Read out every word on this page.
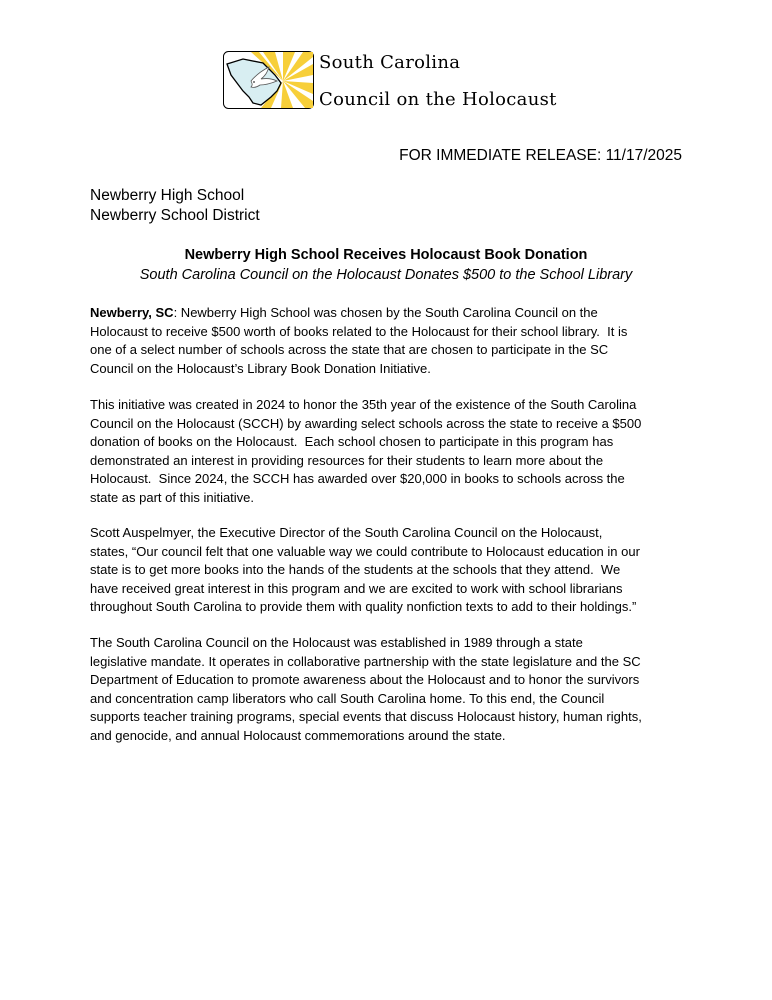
South Carolina
Council on the Holocaust
FOR IMMEDIATE RELEASE: 11/17/2025
Newberry High School
Newberry School District
Newberry High School Receives Holocaust Book Donation
South Carolina Council on the Holocaust Donates $500 to the School Library
Newberry, SC: Newberry High School was chosen by the South Carolina Council on the
Holocaust to receive $500 worth of books related to the Holocaust for their school library.  It is
one of a select number of schools across the state that are chosen to participate in the SC
Council on the Holocaust’s Library Book Donation Initiative.
This initiative was created in 2024 to honor the 35th year of the existence of the South Carolina
Council on the Holocaust (SCCH) by awarding select schools across the state to receive a $500
donation of books on the Holocaust.  Each school chosen to participate in this program has
demonstrated an interest in providing resources for their students to learn more about the
Holocaust.  Since 2024, the SCCH has awarded over $20,000 in books to schools across the
state as part of this initiative.
Scott Auspelmyer, the Executive Director of the South Carolina Council on the Holocaust,
states, “Our council felt that one valuable way we could contribute to Holocaust education in our
state is to get more books into the hands of the students at the schools that they attend.  We
have received great interest in this program and we are excited to work with school librarians
throughout South Carolina to provide them with quality nonfiction texts to add to their holdings.”
The South Carolina Council on the Holocaust was established in 1989 through a state
legislative mandate. It operates in collaborative partnership with the state legislature and the SC
Department of Education to promote awareness about the Holocaust and to honor the survivors
and concentration camp liberators who call South Carolina home. To this end, the Council
supports teacher training programs, special events that discuss Holocaust history, human rights,
and genocide, and annual Holocaust commemorations around the state.
